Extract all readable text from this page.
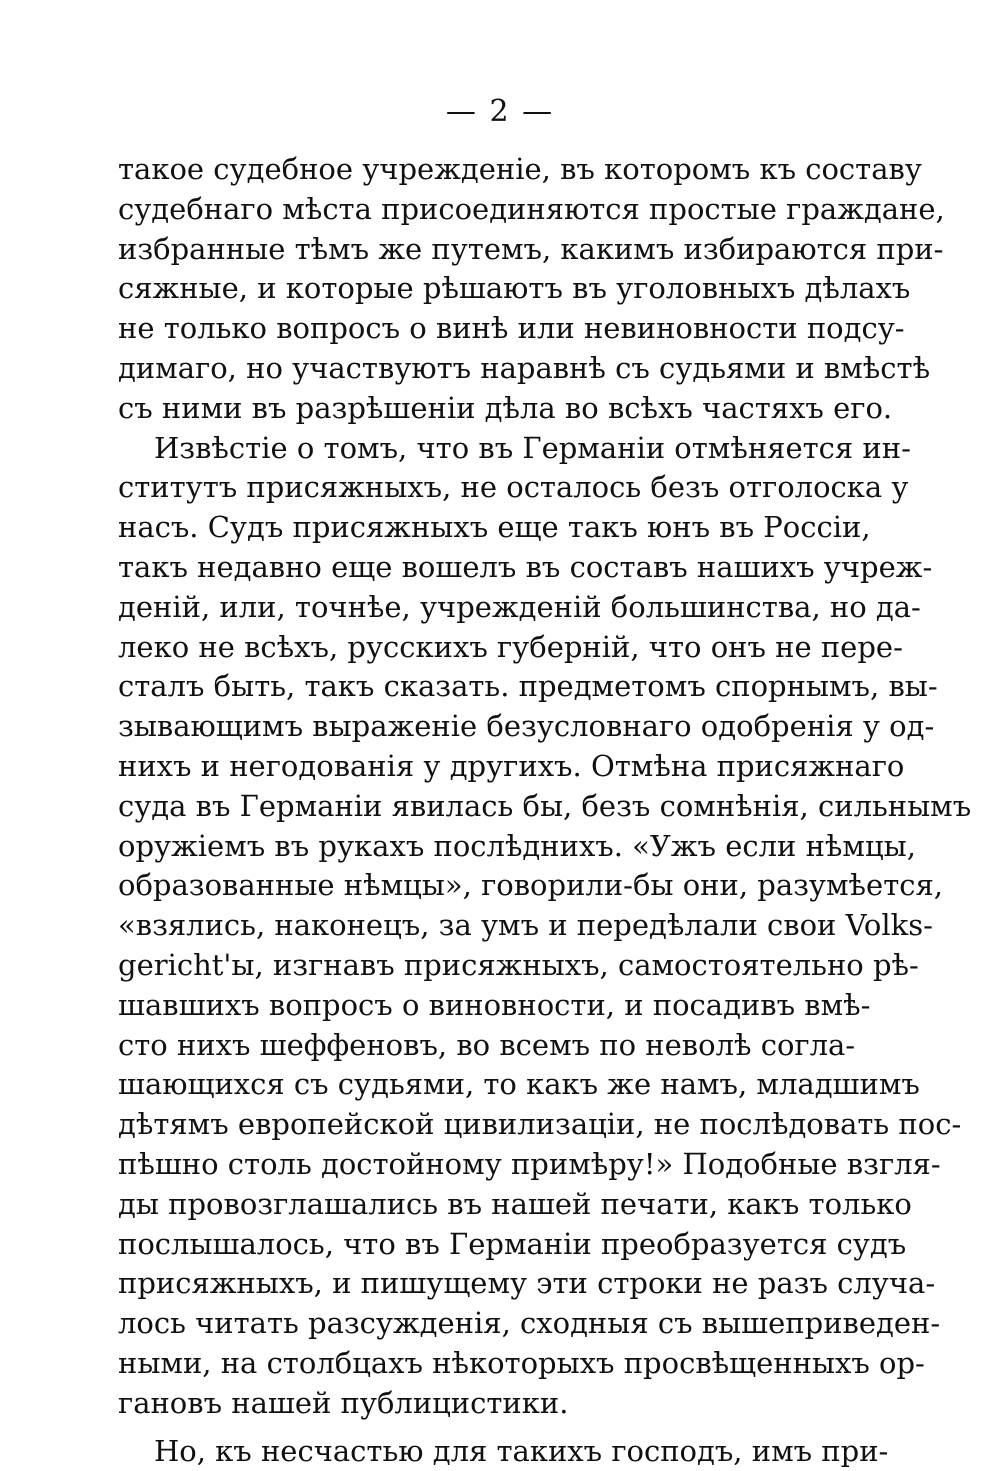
— 2 —
такое судебное учрежденіе, въ которомъ къ составу
судебнаго мѣста присоединяются простые граждане,
избранные тѣмъ же путемъ, какимъ избираются при-
сяжные, и которые рѣшаютъ въ уголовныхъ дѣлахъ
не только вопросъ о винѣ или невиновности подсу-
димаго, но участвуютъ наравнѣ съ судьями и вмѣстѣ
съ ними въ разрѣшеніи дѣла во всѣхъ частяхъ его.
Извѣстіе о томъ, что въ Германіи отмѣняется ин-
ститутъ присяжныхъ, не осталось безъ отголоска у
насъ. Судъ присяжныхъ еще такъ юнъ въ Россіи,
такъ недавно еще вошелъ въ составъ нашихъ учреж-
деній, или, точнѣе, учрежденій большинства, но да-
леко не всѣхъ, русскихъ губерній, что онъ не пере-
сталъ быть, такъ сказать. предметомъ спорнымъ, вы-
зывающимъ выраженіе безусловнаго одобренія у од-
нихъ и негодованія у другихъ. Отмѣна присяжнаго
суда въ Германіи явилась бы, безъ сомнѣнія, сильнымъ
оружіемъ въ рукахъ послѣднихъ. «Ужъ если нѣмцы,
образованные нѣмцы», говорили-бы они, разумѣется,
«взялись, наконецъ, за умъ и передѣлали свои Volks-
gericht'ы, изгнавъ присяжныхъ, самостоятельно рѣ-
шавшихъ вопросъ о виновности, и посадивъ вмѣ-
сто нихъ шеффеновъ, во всемъ по неволѣ согла-
шающихся съ судьями, то какъ же намъ, младшимъ
дѣтямъ европейской цивилизаціи, не послѣдовать пос-
пѣшно столь достойному примѣру!» Подобные взгля-
ды провозглашались въ нашей печати, какъ только
послышалось, что въ Германіи преобразуется судъ
присяжныхъ, и пишущему эти строки не разъ случа-
лось читать разсужденія, сходныя съ вышеприведен-
ными, на столбцахъ нѣкоторыхъ просвѣщенныхъ ор-
гановъ нашей публицистики.
Но, къ несчастью для такихъ господъ, имъ при-
